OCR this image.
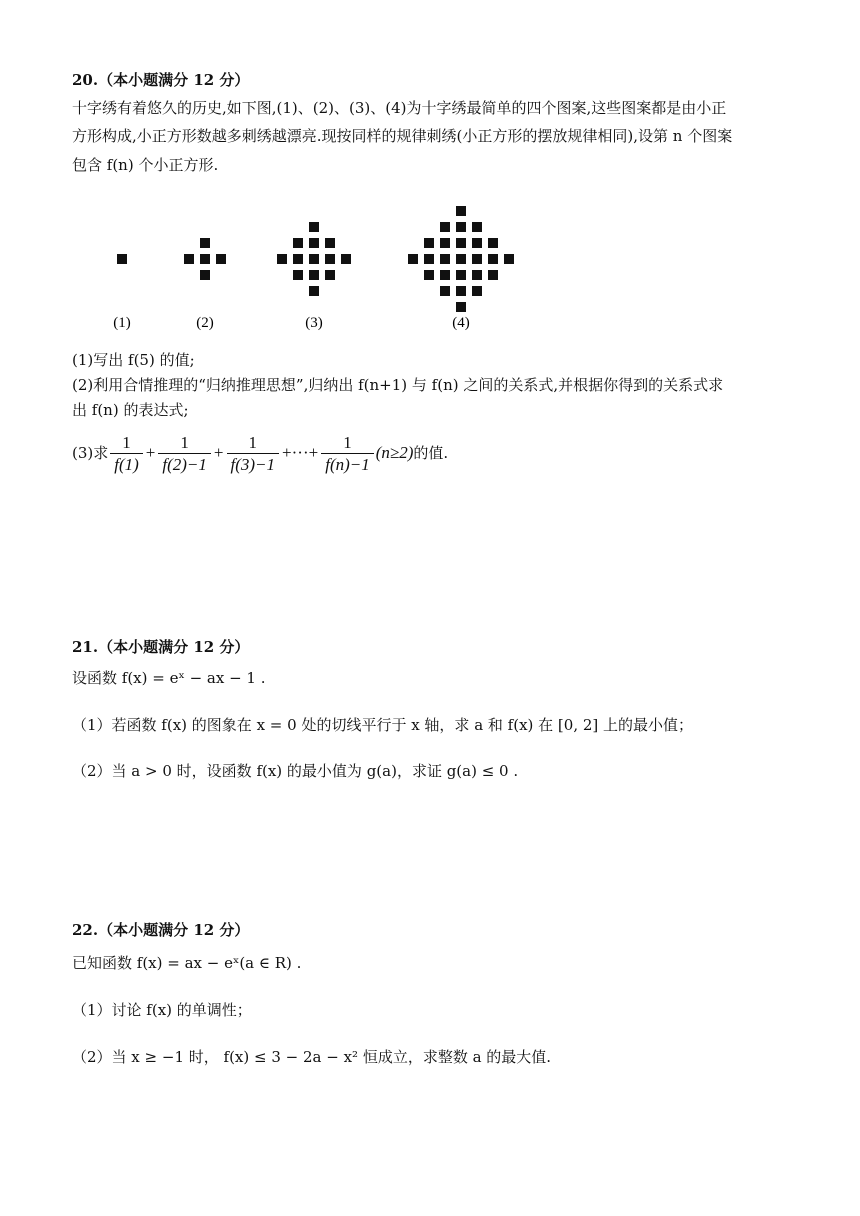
20.（本小题满分 12 分）
十字绣有着悠久的历史,如下图,(1)、(2)、(3)、(4)为十字绣最简单的四个图案,这些图案都是由小正
方形构成,小正方形数越多刺绣越漂亮.现按同样的规律刺绣(小正方形的摆放规律相同),设第 n 个图案
包含 f(n) 个小正方形.
(1)	(2)	(3)	(4)
(1)写出 f(5) 的值;
(2)利用合情推理的“归纳推理思想”,归纳出 f(n+1) 与 f(n) 之间的关系式,并根据你得到的关系式求
出 f(n) 的表达式;
(3)求 $\frac{1}{f(1)} + \frac{1}{f(2)-1} + \frac{1}{f(3)-1}$ +···+ $\frac{1}{f(n)-1} (n\ge 2)$的值.
21.（本小题满分 12 分）
设函数 f(x) = eˣ − ax − 1 .
（1）若函数 f(x) 的图象在 x = 0 处的切线平行于 x 轴，求 a 和 f(x) 在 [0, 2] 上的最小值；
（2）当 a > 0 时，设函数 f(x) 的最小值为 g(a)，求证 g(a) ≤ 0 .
22.（本小题满分 12 分）
已知函数 f(x) = ax − eˣ(a ∈ R) .
（1）讨论 f(x) 的单调性；
（2）当 x ≥ −1 时， f(x) ≤ 3 − 2a − x² 恒成立，求整数 a 的最大值.
